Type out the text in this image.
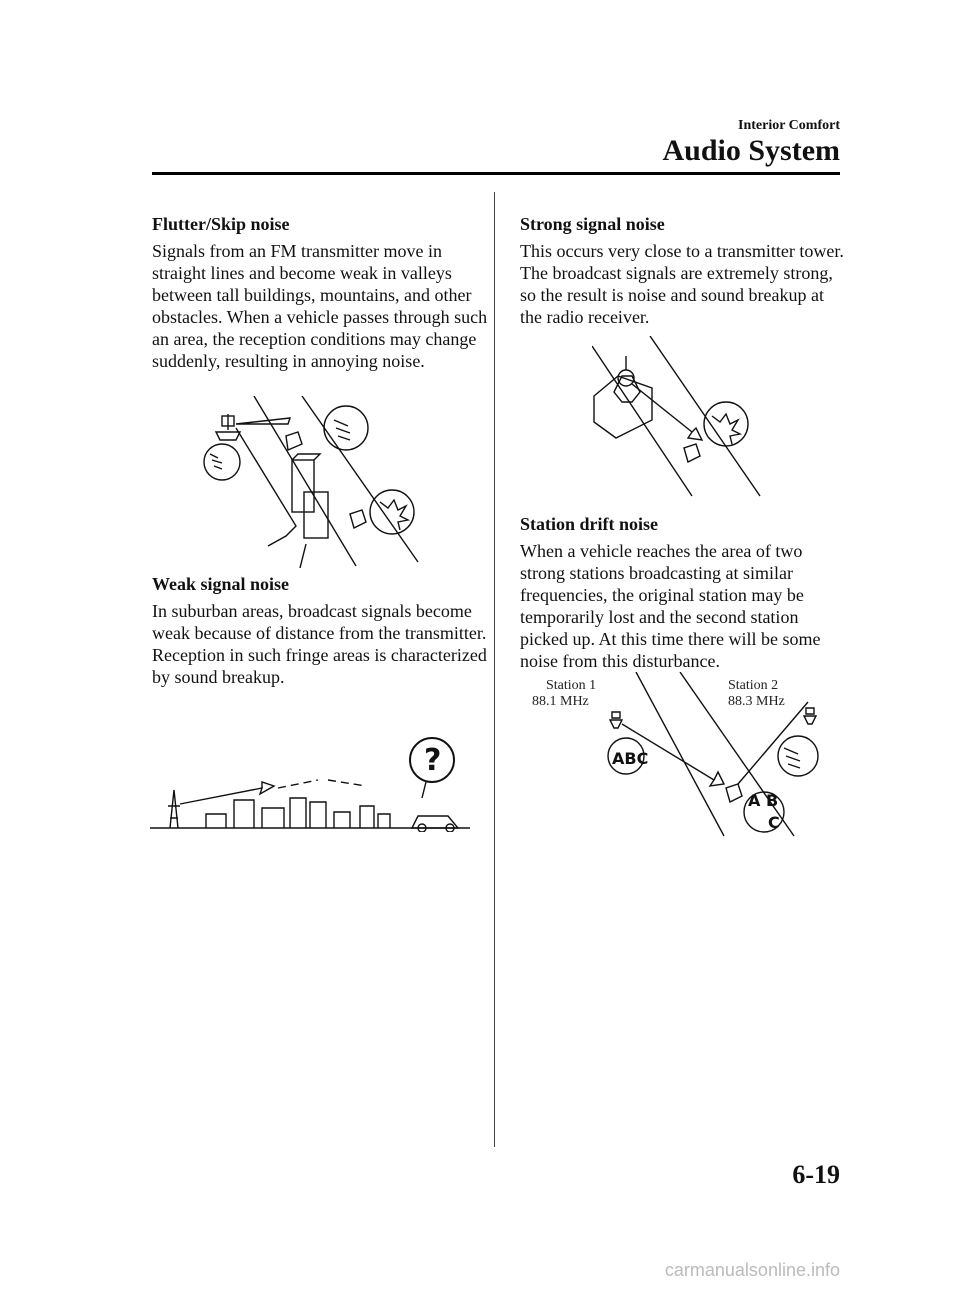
Interior Comfort
Audio System
Flutter/Skip noise
Signals from an FM transmitter move in straight lines and become weak in valleys between tall buildings, mountains, and other obstacles. When a vehicle passes through such an area, the reception conditions may change suddenly, resulting in annoying noise.
Weak signal noise
In suburban areas, broadcast signals become weak because of distance from the transmitter. Reception in such fringe areas is characterized by sound breakup.
?
Strong signal noise
This occurs very close to a transmitter tower. The broadcast signals are extremely strong, so the result is noise and sound breakup at the radio receiver.
Station drift noise
When a vehicle reaches the area of two strong stations broadcasting at similar frequencies, the original station may be temporarily lost and the second station picked up. At this time there will be some noise from this disturbance.
Station 1
88.1 MHz
Station 2
88.3 MHz
ABC
A B
C
6-19
carmanualsonline.info
